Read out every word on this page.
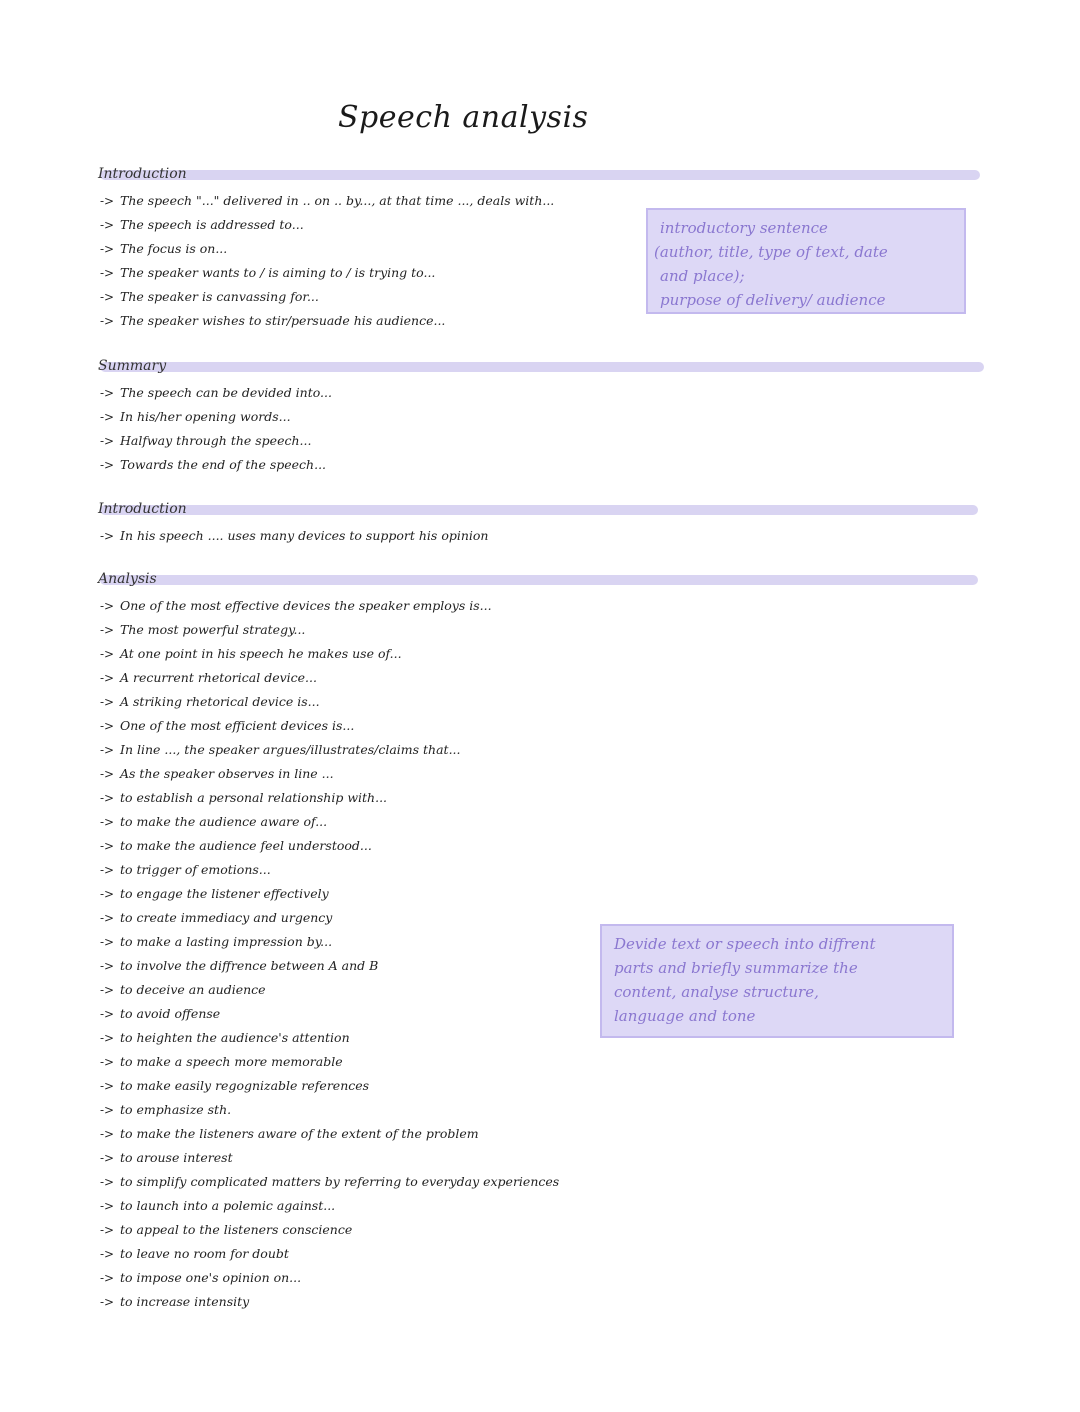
Speech analysis
Introduction
-> The speech "..." delivered in .. on .. by..., at that time ..., deals with...
-> The speech is addressed to...
-> The focus is on...
-> The speaker wants to / is aiming to / is trying to...
-> The speaker is canvassing for...
-> The speaker wishes to stir/persuade his audience...
introductory sentence
(author, title, type of text, date
and place);
purpose of delivery/ audience
Summary
-> The speech can be devided into...
-> In his/her opening words...
-> Halfway through the speech...
-> Towards the end of the speech...
Introduction
-> In his speech .... uses many devices to support his opinion
Analysis
-> One of the most effective devices the speaker employs is...
-> The most powerful strategy...
-> At one point in his speech he makes use of...
-> A recurrent rhetorical device...
-> A striking rhetorical device is...
-> One of the most efficient devices is...
-> In line ..., the speaker argues/illustrates/claims that...
-> As the speaker observes in line ...
-> to establish a personal relationship with...
-> to make the audience aware of...
-> to make the audience feel understood...
-> to trigger of emotions...
-> to engage the listener effectively
-> to create immediacy and urgency
-> to make a lasting impression by...
-> to involve the diffrence between A and B
-> to deceive an audience
-> to avoid offense
-> to heighten the audience's attention
-> to make a speech more memorable
-> to make easily regognizable references
-> to emphasize sth.
-> to make the listeners aware of the extent of the problem
-> to arouse interest
-> to simplify complicated matters by referring to everyday experiences
-> to launch into a polemic against...
-> to appeal to the listeners conscience
-> to leave no room for doubt
-> to impose one's opinion on...
-> to increase intensity
Devide text or speech into diffrent
parts and briefly summarize the
content, analyse structure,
language and tone
